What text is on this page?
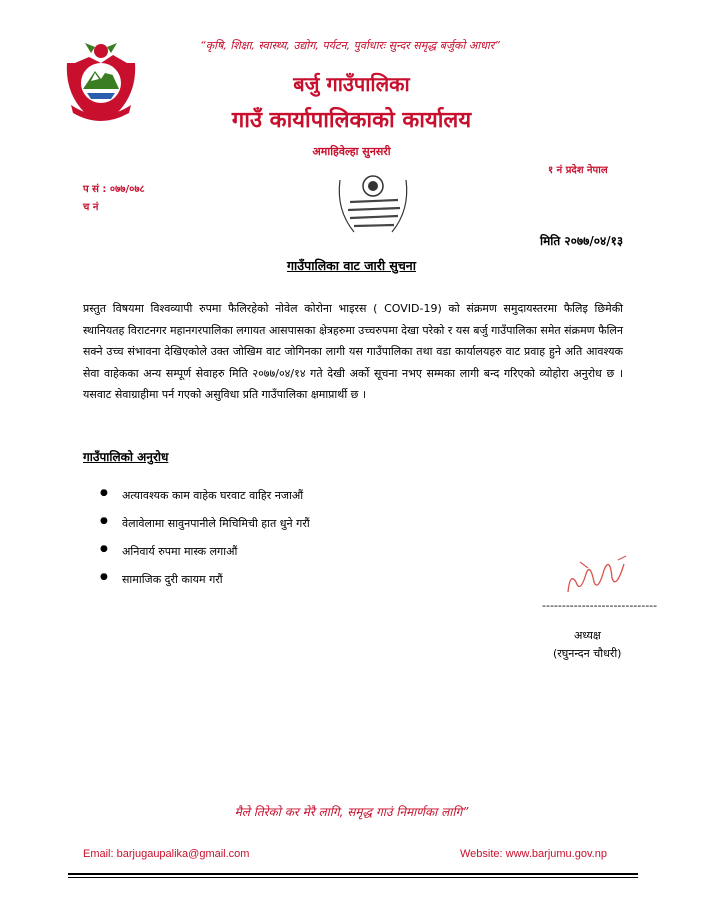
“कृषि, शिक्षा, स्वास्थ्य, उद्योग, पर्यटन, पुर्वाधारः सुन्दर समृद्ध बर्जुको आधार”
बर्जु गाउँपालिका
गाउँ कार्यापालिकाको कार्यालय
अमाहिवेल्हा सुनसरी
१ नं प्रदेश नेपाल
प सं : ०७७/०७८
च नं
मिति २०७७/०४/१३
गाउँपालिका वाट जारी सुचना
प्रस्तुत विषयमा विश्वव्यापी रुपमा फैलिरहेको नोवेल कोरोना भाइरस ( COVID-19) को संक्रमण समुदायस्तरमा फैलिइ छिमेकी स्थानियतह विराटनगर महानगरपालिका लगायत आसपासका क्षेत्रहरुमा उच्चरुपमा देखा परेको र यस बर्जु गाउँपालिका समेत संक्रमण फैलिन सक्ने उच्च संभावना देखिएकोले उक्त जोखिम वाट जोगिनका लागी यस गाउँपालिका तथा वडा कार्यालयहरु वाट प्रवाह हुने अति आवश्यक सेवा वाहेकका अन्य सम्पूर्ण सेवाहरु मिति २०७७/०४/१४ गते देखी अर्को सूचना नभए सम्मका लागी बन्द गरिएको व्योहोरा अनुरोध छ ।यसवाट सेवाग्राहीमा पर्न गएको असुविधा प्रति गाउँपालिका क्षमाप्रार्थी छ ।
गाउँपालिको अनुरोध
● अत्यावश्यक काम वाहेक घरवाट वाहिर नजाऔं
● वेलावेलामा सावुनपानीले मिचिमिची हात धुने गरौं
● अनिवार्य रुपमा मास्क लगाऔं
● सामाजिक दुरी कायम गरौं
-----------------------------
अध्यक्ष
(रघुनन्दन चौधरी)
मैले तिरेको कर मेरै लागि, समृद्ध गाउं निमार्णका लागि”
Email: barjugaupalika@gmail.com	Website: www.barjumu.gov.np
